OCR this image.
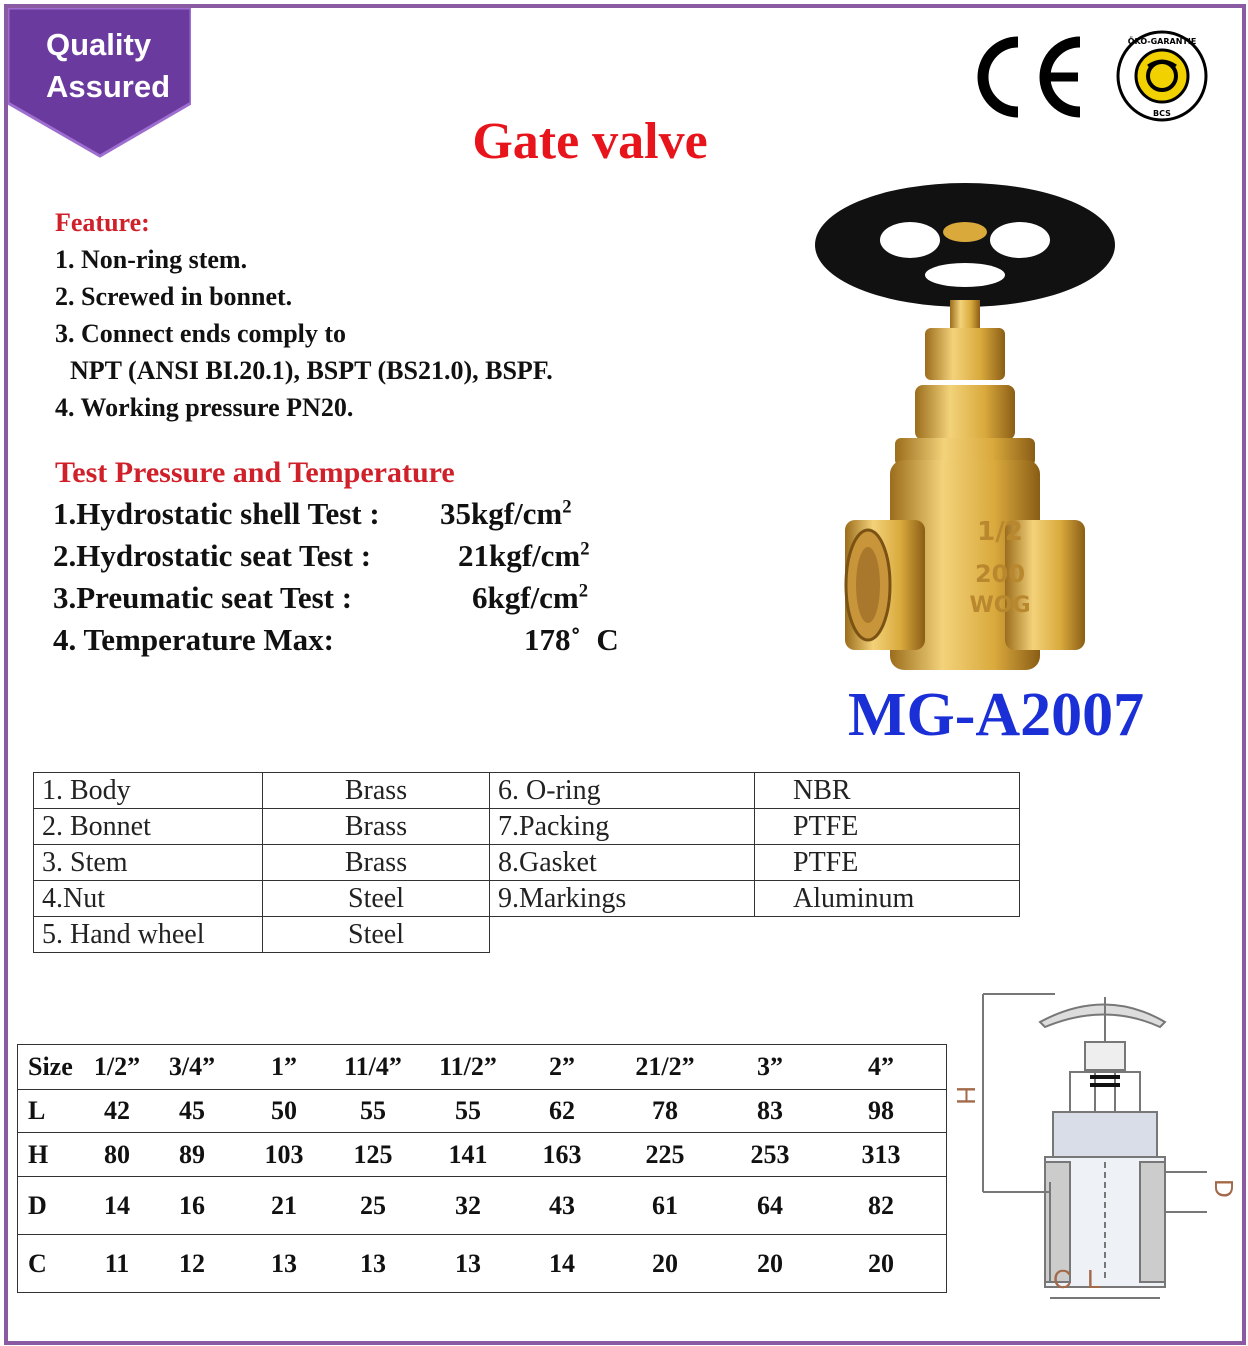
Quality
Assured
ÖKO-GARANTIE
BCS
Gate valve
Feature:
1. Non-ring stem.
2. Screwed in bonnet.
3. Connect ends comply to
NPT (ANSI BI.20.1), BSPT (BS21.0), BSPF.
4. Working pressure PN20.
Test Pressure and Temperature
1.Hydrostatic shell Test : $35kgf/cm^2$
2.Hydrostatic seat Test :	$21kgf/cm^2$
3.Preumatic seat Test :	$6kgf/cm^2$
4. Temperature Max:	178˚  C
1/2
200
WOG
MG-A2007
1. Body	Brass	6. O-ring	NBR
2. Bonnet	Brass	7.Packing	PTFE
3. Stem	Brass	8.Gasket	PTFE
4.Nut	Steel	9.Markings	Aluminum
5. Hand wheel	Steel		
Size	1/2”	3/4”	1”	11/4”	11/2”	2”	21/2”	3”	4”
L	42	45	50	55	55	62	78	83	98
H	80	89	103	125	141	163	225	253	313
D	14	16	21	25	32	43	61	64	82
C	11	12	13	13	13	14	20	20	20
H
D
C L
